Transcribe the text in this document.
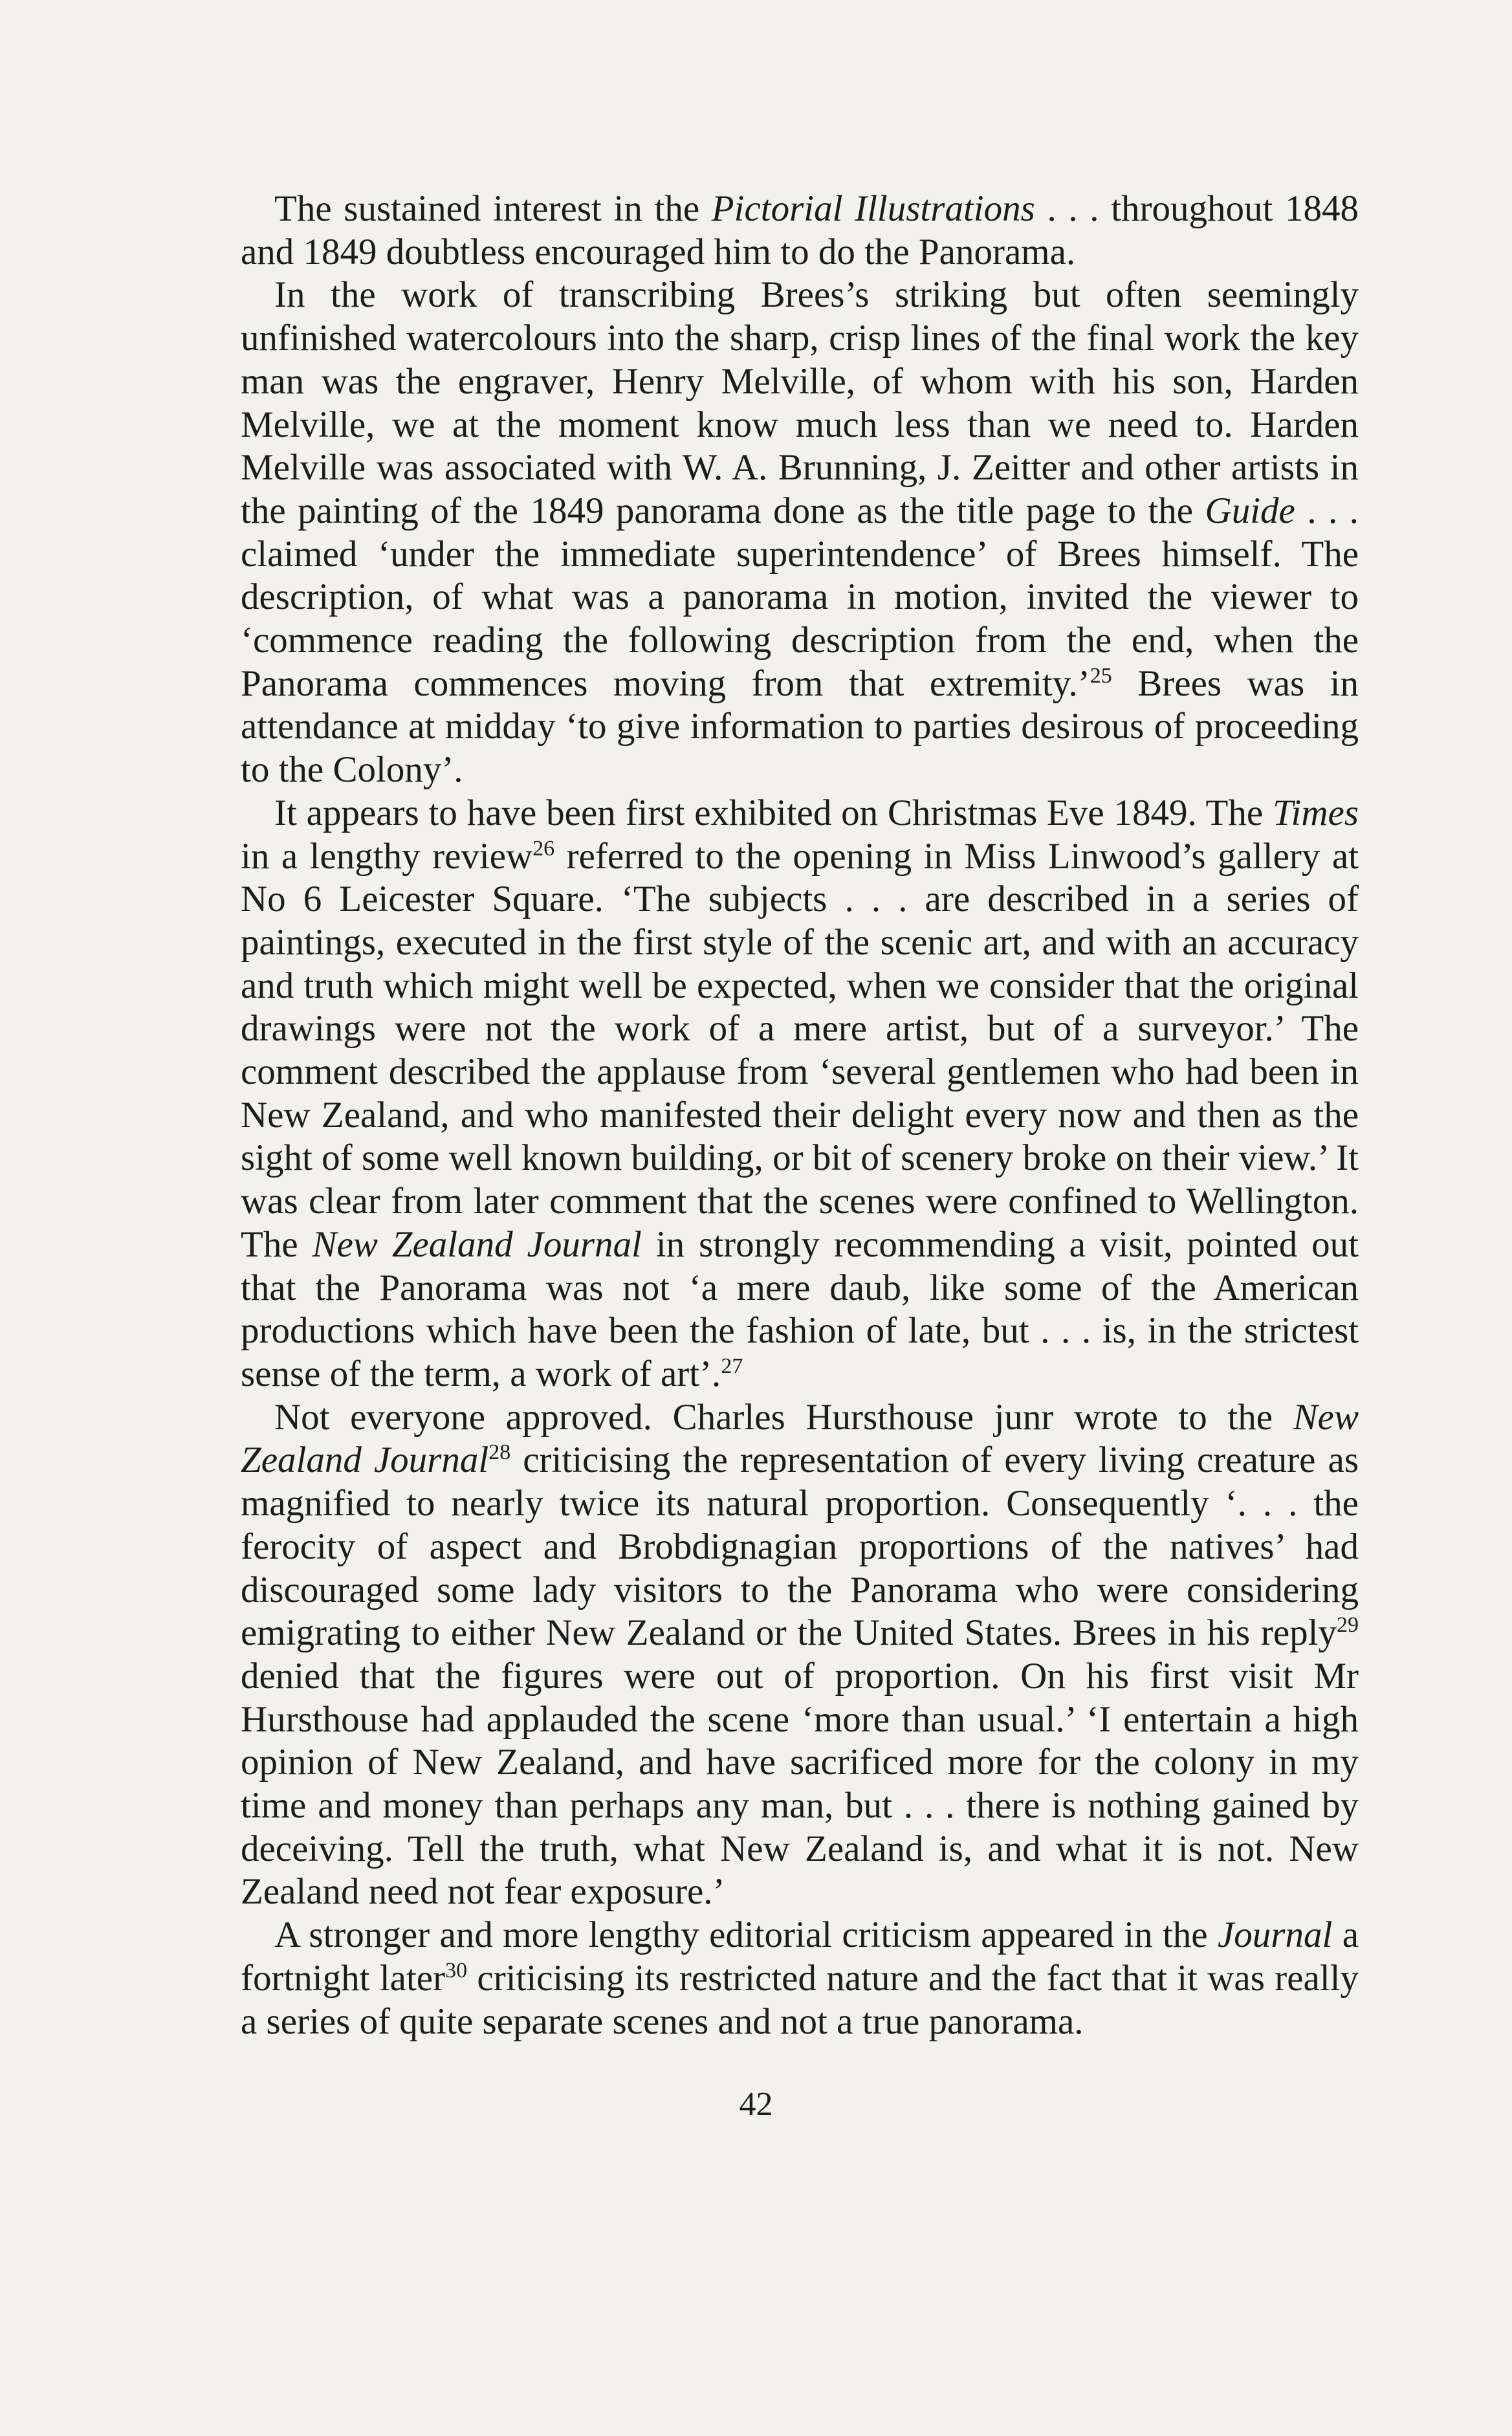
The sustained interest in the Pictorial Illustrations . . . throughout 1848 and 1849 doubtless encouraged him to do the Panorama.

In the work of transcribing Brees’s striking but often seemingly unfinished watercolours into the sharp, crisp lines of the final work the key man was the engraver, Henry Melville, of whom with his son, Harden Melville, we at the moment know much less than we need to. Harden Melville was associated with W. A. Brunning, J. Zeitter and other artists in the painting of the 1849 panorama done as the title page to the Guide . . . claimed ‘under the immediate superintendence’ of Brees himself. The description, of what was a panorama in motion, invited the viewer to ‘commence reading the following description from the end, when the Panorama commences moving from that extremity.’$^{25}$ Brees was in attendance at midday ‘to give information to parties desirous of proceeding to the Colony’.

It appears to have been first exhibited on Christmas Eve 1849. The Times in a lengthy review$^{26}$ referred to the opening in Miss Linwood’s gallery at No 6 Leicester Square. ‘The subjects . . . are described in a series of paintings, executed in the first style of the scenic art, and with an accuracy and truth which might well be expected, when we consider that the original drawings were not the work of a mere artist, but of a surveyor.’ The comment described the applause from ‘several gentlemen who had been in New Zealand, and who manifested their delight every now and then as the sight of some well known building, or bit of scenery broke on their view.’ It was clear from later comment that the scenes were confined to Wellington. The New Zealand Journal in strongly recommending a visit, pointed out that the Panorama was not ‘a mere daub, like some of the American productions which have been the fashion of late, but . . . is, in the strictest sense of the term, a work of art’.$^{27}$

Not everyone approved. Charles Hursthouse junr wrote to the New Zealand Journal$^{28}$ criticising the representation of every living creature as magnified to nearly twice its natural proportion. Consequently ‘. . . the ferocity of aspect and Brobdignagian proportions of the natives’ had discouraged some lady visitors to the Panorama who were considering emigrating to either New Zealand or the United States. Brees in his reply$^{29}$ denied that the figures were out of proportion. On his first visit Mr Hursthouse had applauded the scene ‘more than usual.’ ‘I entertain a high opinion of New Zealand, and have sacrificed more for the colony in my time and money than perhaps any man, but . . . there is nothing gained by deceiving. Tell the truth, what New Zealand is, and what it is not. New Zealand need not fear exposure.’

A stronger and more lengthy editorial criticism appeared in the Journal a fortnight later$^{30}$ criticising its restricted nature and the fact that it was really a series of quite separate scenes and not a true panorama.

42
